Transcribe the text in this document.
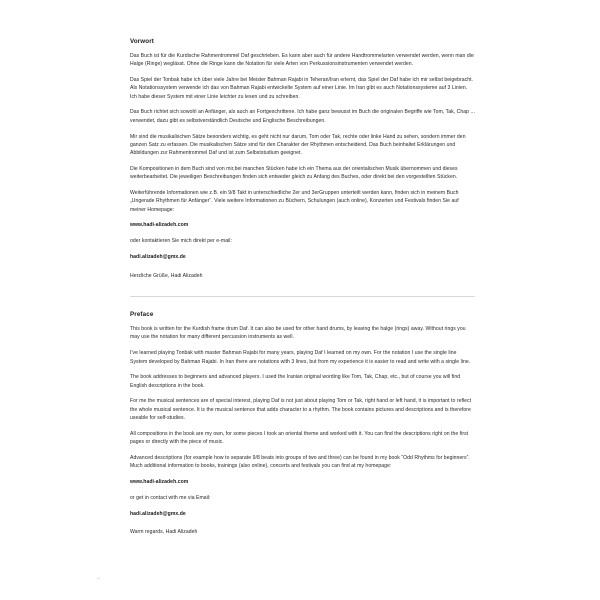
Vorwort

Das Buch ist für die Kurdische Rahmentrommel Daf geschrieben. Es kann aber auch für andere Handtrommelarten verwendet werden, wenn man die Halge (Ringe) weglässt. Ohne die Ringe kann die Notation für viele Arten von Perkussionsinstrumenten verwendet werden.

Das Spiel der Tonbak habe ich über viele Jahre bei Meister Bahman Rajabi in Teheran/Iran erlernt, das Spiel der Daf habe ich mir selbst beigebracht. Als Notationssystem verwende ich das von Bahman Rajabi entwickelte System auf einer Linie. Im Iran gibt es auch Notationssysteme auf 3 Linien. Ich habe dieser System mit einer Linie leichter zu lesen und zu schreiben.

Das Buch richtet sich sowohl an Anfänger, als auch an Fortgeschrittene. Ich habe ganz bewusst im Buch die originalen Begriffe wie Tom, Tak, Chap ... verwendet, dazu gibt es selbstverständlich Deutsche und Englische Beschreibungen.

Mir sind die musikalischen Sätze besonders wichtig, es geht nicht nur darum, Tom oder Tak, rechte oder linke Hand zu sehen, sondern immer den ganzen Satz zu erfassen. Die musikalischen Sätze sind für den Charakter der Rhythmen entscheidend. Das Buch beinhaltet Erklärungen und Abbildungen zur Rahmentrommel Daf und ist zum Selbststudium geeignet.

Die Kompositionen in dem Buch sind von mir,bei manchen Stücken habe ich ein Thema aus der orientalischen Musik übernommen und dieses weiterbearbeitet. Die jeweiligen Beschreibungen finden sich entweder gleich zu Anfang des Buches, oder direkt bei den vorgestellten Stücken.

Weiterführende Informationen wie z.B. ein 9/8 Takt in unterschiedliche 2er und 3erGruppen unterteilt werden kann, finden sich in meinem Buch „Ungerade Rhythmen für Anfänger“. Viele weitere Informationen zu Büchern, Schulungen (auch online), Konzerten und Festivals finden Sie auf meiner Homepage:

www.hadi-alizadeh.com

oder kontaktieren Sie mich direkt per e-mail:

hadi.alizadeh@gmx.de

Herzliche Grüße, Hadi Alizadeh

Preface

This book is written for the Kurdish frame drum Daf. It can also be used for other hand drums, by leaving the halge (rings) away. Without rings you may use the notation for many different percussion instruments as well.

I've learned playing Tonbak with master Bahman Rajabi for many years, playing Daf I learned on my own. For the notation I use the single line System developed by Bahman Rajabi. In Iran there are notations with 3 lines, but from my experience it is easier to read and write with a single line.

The book addresses to beginners and advanced players. I used the Iranian original wording like Tom, Tak, Chap, etc., but of course you will find English descriptions in the book.

For me the musical sentences are of special interest, playing Daf is not just about playing Tom or Tak, right hand or left hand, it is important to reflect the whole musical sentence. It is the musical sentence that adds character to a rhythm. The book contains pictures and descriptions and is therefore useable for self-studies.

All compositions in the book are my own, for some pieces I took an oriental theme and worked with it. You can find the descriptions right on the first pages or directly with the piece of music.

Advanced descriptions (for example how to separate 9/8 beats into groups of two and three) can be found in my book “Odd Rhythms for beginners”. Much additional information to books, trainings (also online), concerts and festivals you can find at my homepage:

www.hadi-alizadeh.com

or get in contact with me via Email:

hadi.alizadeh@gmx.de

Warm regards, Hadi Alizadeh

⌐
